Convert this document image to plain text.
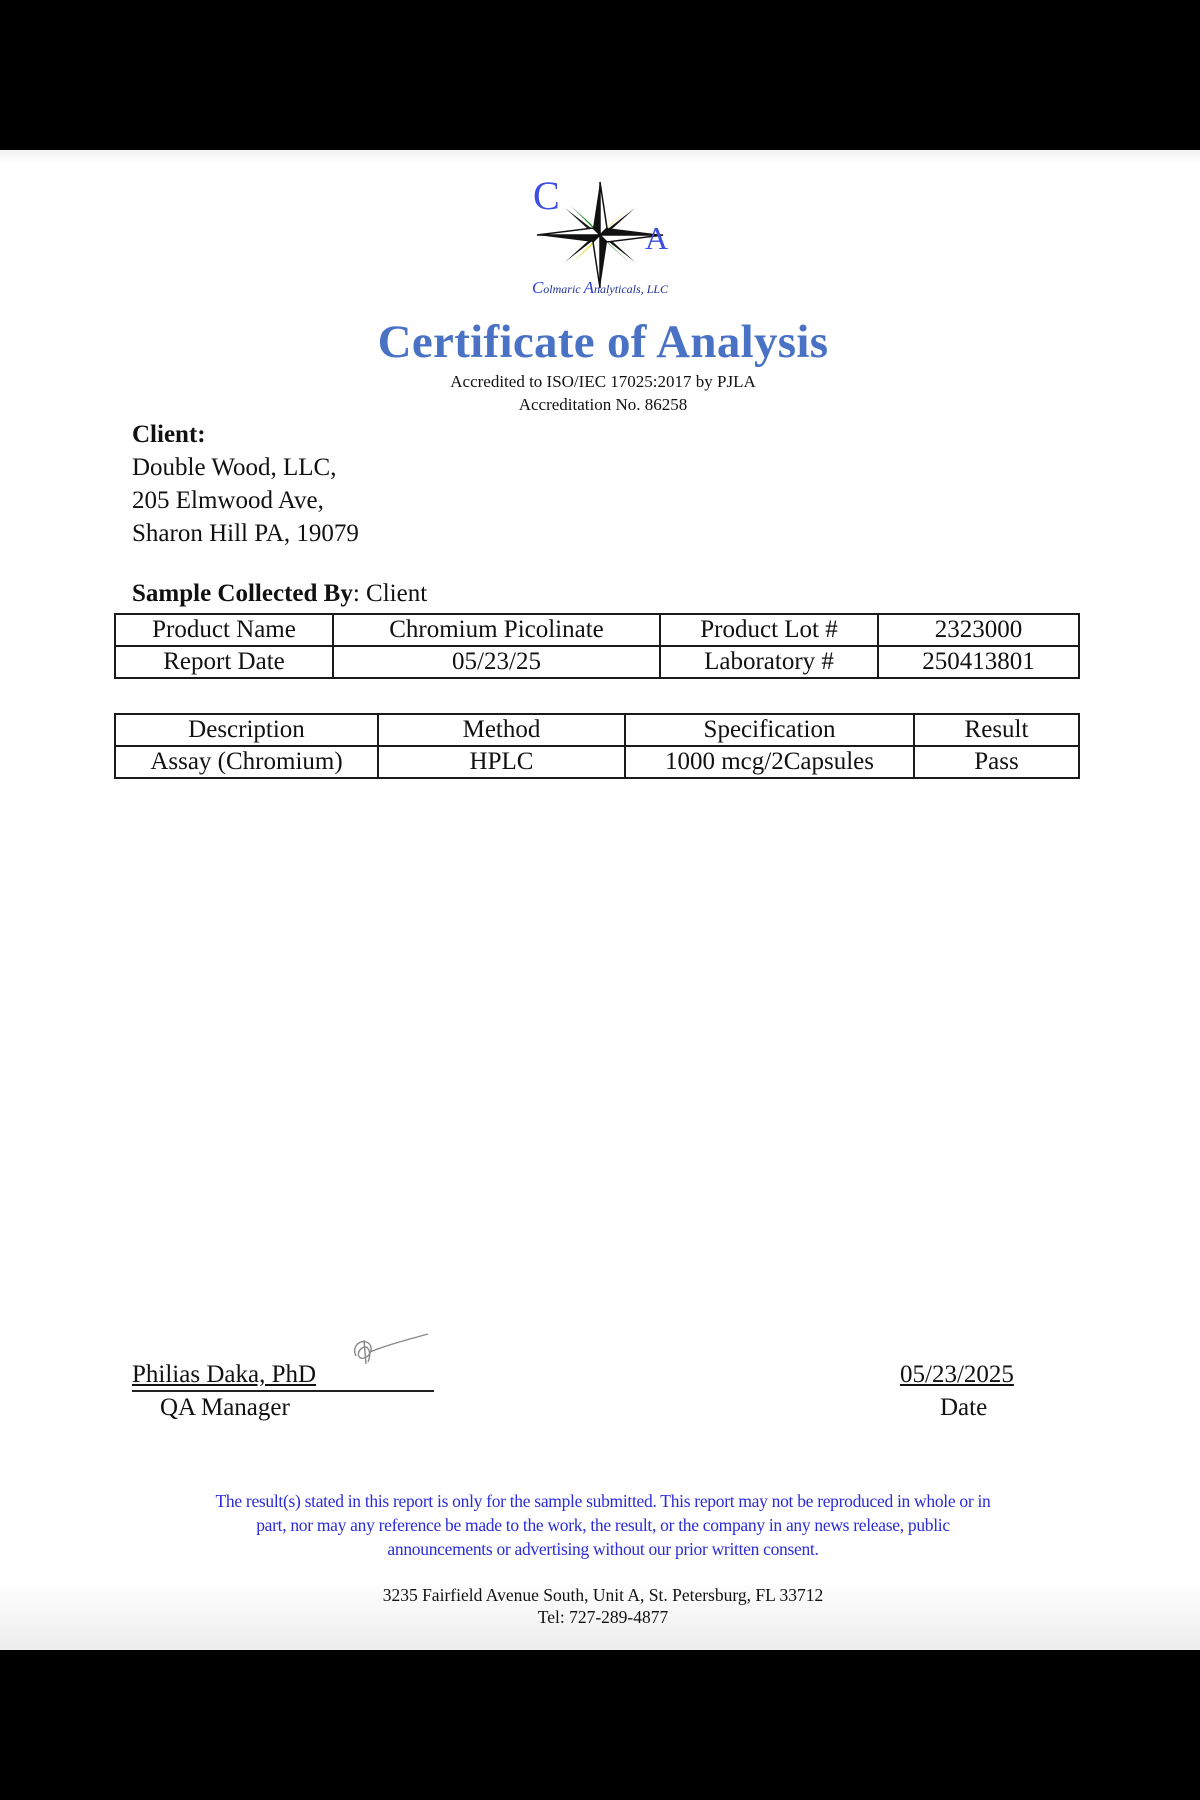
C
A
Colmaric Analyticals, LLC
Certificate of Analysis
Accredited to ISO/IEC 17025:2017 by PJLA
Accreditation No. 86258
Client:
Double Wood, LLC,
205 Elmwood Ave,
Sharon Hill PA, 19079
Sample Collected By: Client
Product Name	Chromium Picolinate	Product Lot #	2323000
Report Date	05/23/25	Laboratory #	250413801
Description	Method	Specification	Result
Assay (Chromium)	HPLC	1000 mcg/2Capsules	Pass
Philias Daka, PhD
QA Manager
05/23/2025
Date
The result(s) stated in this report is only for the sample submitted. This report may not be reproduced in whole or in
part, nor may any reference be made to the work, the result, or the company in any news release, public
announcements or advertising without our prior written consent.
3235 Fairfield Avenue South, Unit A, St. Petersburg, FL 33712
Tel: 727-289-4877
